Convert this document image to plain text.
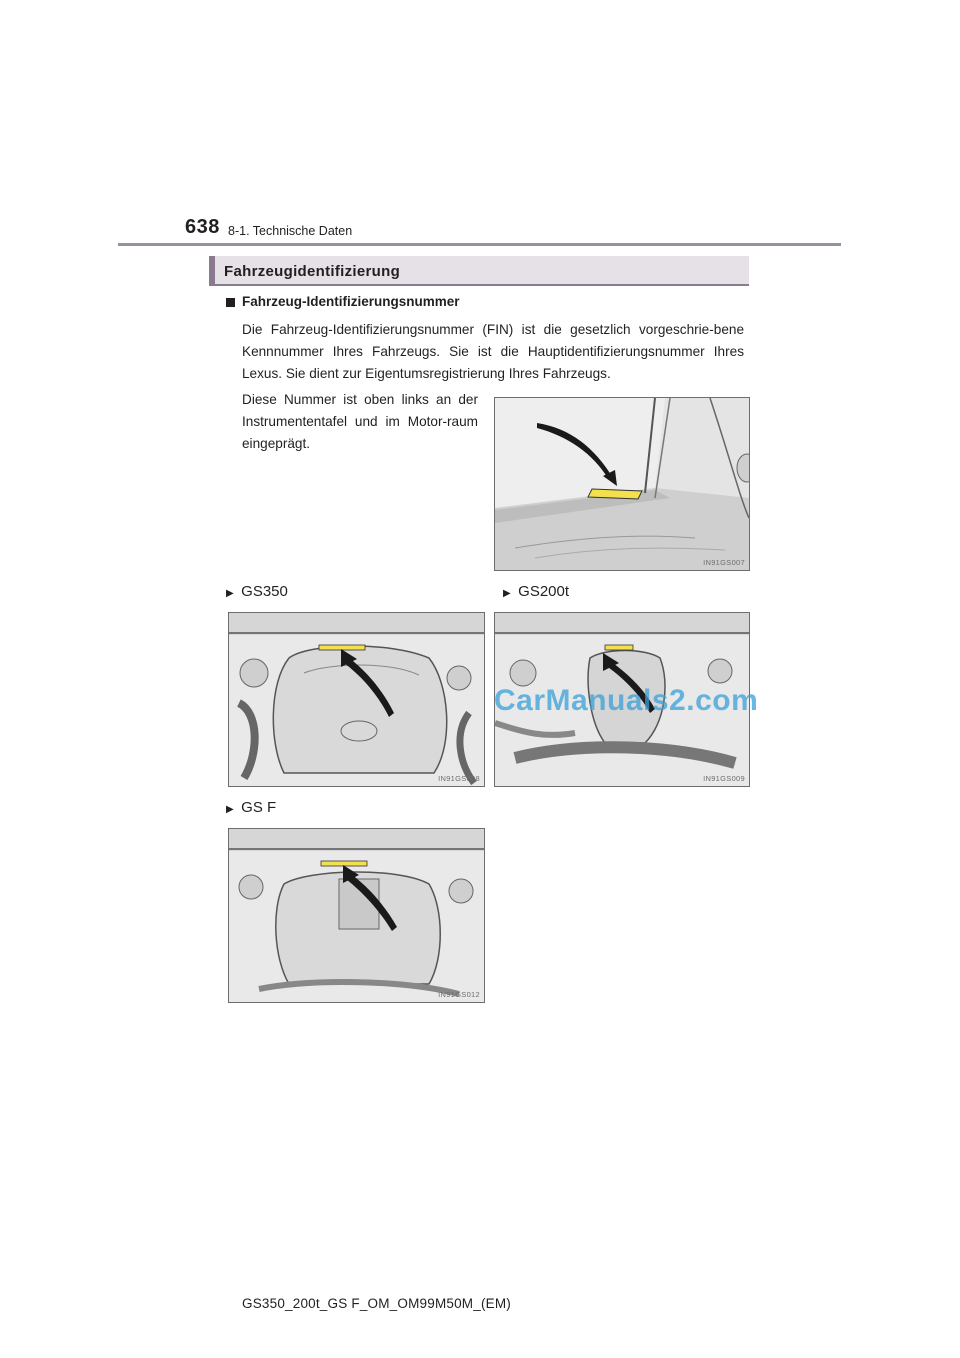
638 8-1. Technische Daten
Fahrzeugidentifizierung
Fahrzeug-Identifizierungsnummer
Die Fahrzeug-Identifizierungsnummer (FIN) ist die gesetzlich vorgeschrie-bene Kennnummer Ihres Fahrzeugs. Sie ist die Hauptidentifizierungsnummer Ihres Lexus. Sie dient zur Eigentumsregistrierung Ihres Fahrzeugs.
Diese Nummer ist oben links an der Instrumententafel und im Motor-raum eingeprägt.
IN91GS007
▶ GS350	▶ GS200t
IN91GS008	IN91GS009
CarManuals2.com
▶ GS F
IN91GS012
GS350_200t_GS F_OM_OM99M50M_(EM)
